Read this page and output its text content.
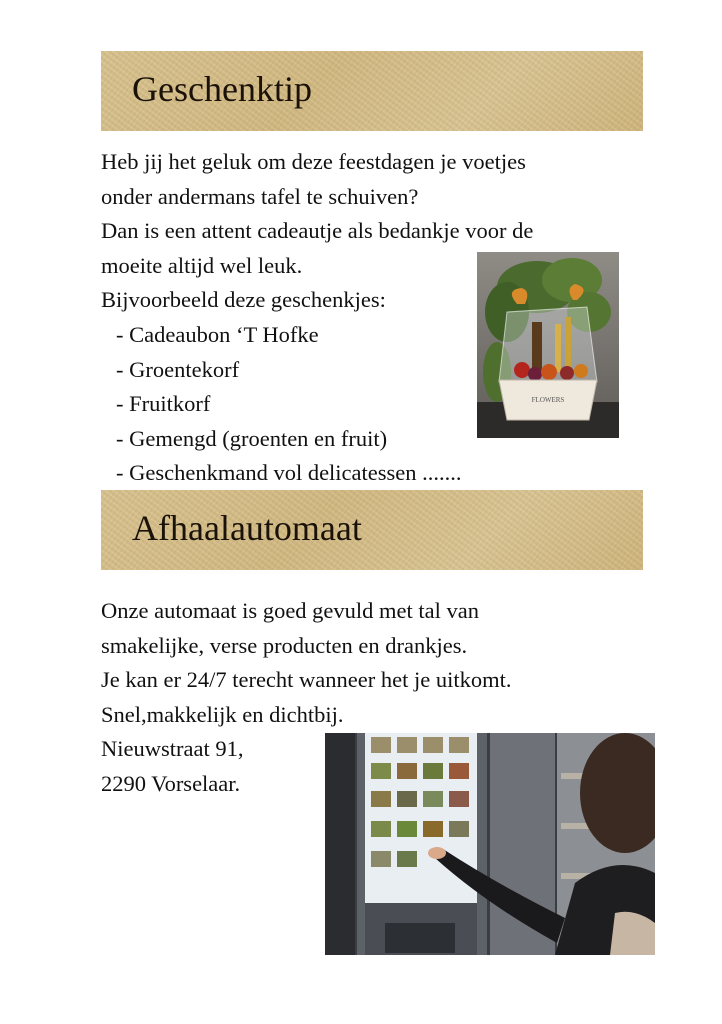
Geschenktip

Heb jij het geluk om deze feestdagen je voetjes
onder andermans tafel te schuiven?
Dan is een attent cadeautje als bedankje voor de
moeite altijd wel leuk.
Bijvoorbeeld deze geschenkjes:

- Cadeaubon ‘T Hofke
- Groentekorf
- Fruitkorf
- Gemengd (groenten en fruit)
- Geschenkmand vol delicatessen .......
FLOWERS
Afhaalautomaat

Onze automaat is goed gevuld met tal van
smakelijke, verse producten en drankjes.
Je kan er 24/7 terecht wanneer het je uitkomt.
Snel,makkelijk en dichtbij.

Nieuwstraat 91,
2290 Vorselaar.
